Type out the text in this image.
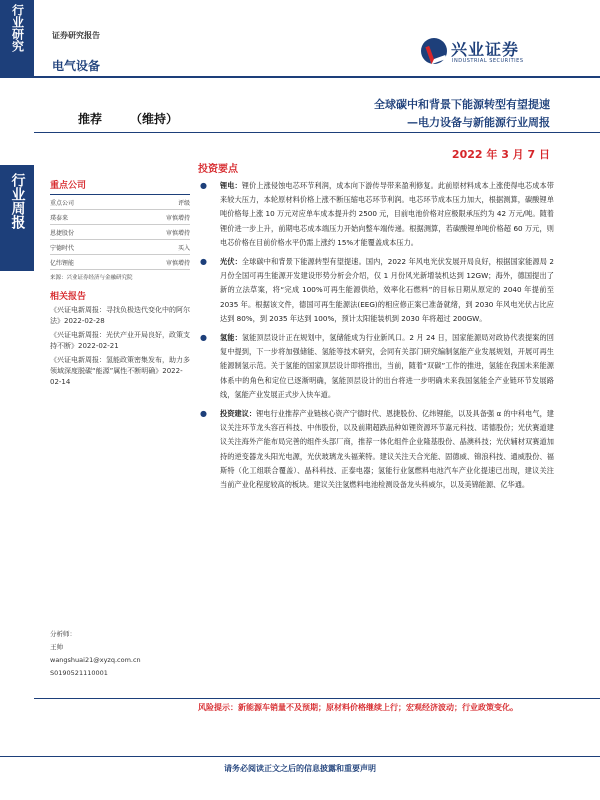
行业研究
行业周报
证券研究报告
电气设备
兴业证券
INDUSTRIAL SECURITIES
推荐 （维持）
全球碳中和背景下能源转型有望提速
—电力设备与新能源行业周报
2022 年 3 月 7 日
重点公司
重点公司	评级
璞泰来	审慎增持
恩捷股份	审慎增持
宁德时代	买入
亿纬锂能	审慎增持
来源：兴业证券经济与金融研究院
相关报告
《兴证电新周报：寻找负极迭代变化中的阿尔法》2022-02-28
《兴证电新周报：光伏产业开局良好，政策支持不断》2022-02-21
《兴证电新周报：氢能政策密集发布，助力多领域深度脱碳“能源”属性不断明确》2022-02-14
分析师：
王帅
wangshuai21@xyzq.com.cn
S0190521110001
投资要点
● 锂电：锂价上涨侵蚀电芯环节利润，成本向下游传导带来盈利修复。此前原材料成本上涨使得电芯成本带来较大压力，本轮原材料价格上涨不断压缩电芯环节利润。电芯环节成本压力加大，根据测算，碳酸锂单吨价格每上涨 10 万元对应单车成本提升约 2500 元，目前电池价格对应极限承压约为 42 万元/吨。随着锂价进一步上升，前期电芯成本端压力开始向整车端传递。根据测算，若碳酸锂单吨价格超 60 万元，则电芯价格在目前价格水平仍需上涨约 15%才能覆盖成本压力。
● 光伏：全球碳中和背景下能源转型有望提速。国内，2022 年风电光伏发展开局良好，根据国家能源局 2 月份全国可再生能源开发建设形势分析会介绍，仅 1 月份风光新增装机达到 12GW；海外，德国提出了新的立法草案，将“完成 100%可再生能源供给，效率化石燃料”的目标日期从原定的 2040 年提前至 2035 年。根据该文件，德国可再生能源法(EEG)的相应修正案已准备就绪，到 2030 年风电光伏占比应达到 80%，到 2035 年达到 100%，预计太阳能装机到 2030 年将超过 200GW。
● 氢能：氢能顶层设计正在规划中，氢储能成为行业新风口。2 月 24 日，国家能源局对政协代表提案的回复中提到，下一步将加强储能、氢能等技术研究，会同有关部门研究编制氢能产业发展规划，开展可再生能源制氢示范。关于氢能的国家顶层设计即将推出，当前，随着“双碳”工作的推进，氢能在我国未来能源体系中的角色和定位已逐渐明确，氢能顶层设计的出台将进一步明确未来我国氢能全产业链环节发展路线，氢能产业发展正式步入快车道。
● 投资建议：锂电行业推荐产业链核心资产宁德时代、恩捷股份、亿纬锂能，以及具备强 α 的中科电气，建议关注环节龙头容百科技、中伟股份，以及前期超跌品种如锂资源环节嘉元科技、诺德股份；光伏赛道建议关注海外产能布局完善的组件头部厂商，推荐一体化组件企业隆基股份、晶澳科技；光伏辅材双赛道加持的逆变器龙头阳光电源，光伏玻璃龙头福莱特。建议关注天合光能、固德威、锦浪科技、通威股份、福斯特（化工组联合覆盖）、晶科科技、正泰电器；氢能行业氢燃料电池汽车产业化提速已出现，建议关注当前产业化程度较高的板块。建议关注氢燃料电池检测设备龙头科威尔，以及美锦能源、亿华通。
风险提示：新能源车销量不及预期；原材料价格继续上行；宏观经济波动；行业政策变化。
请务必阅读正文之后的信息披露和重要声明
